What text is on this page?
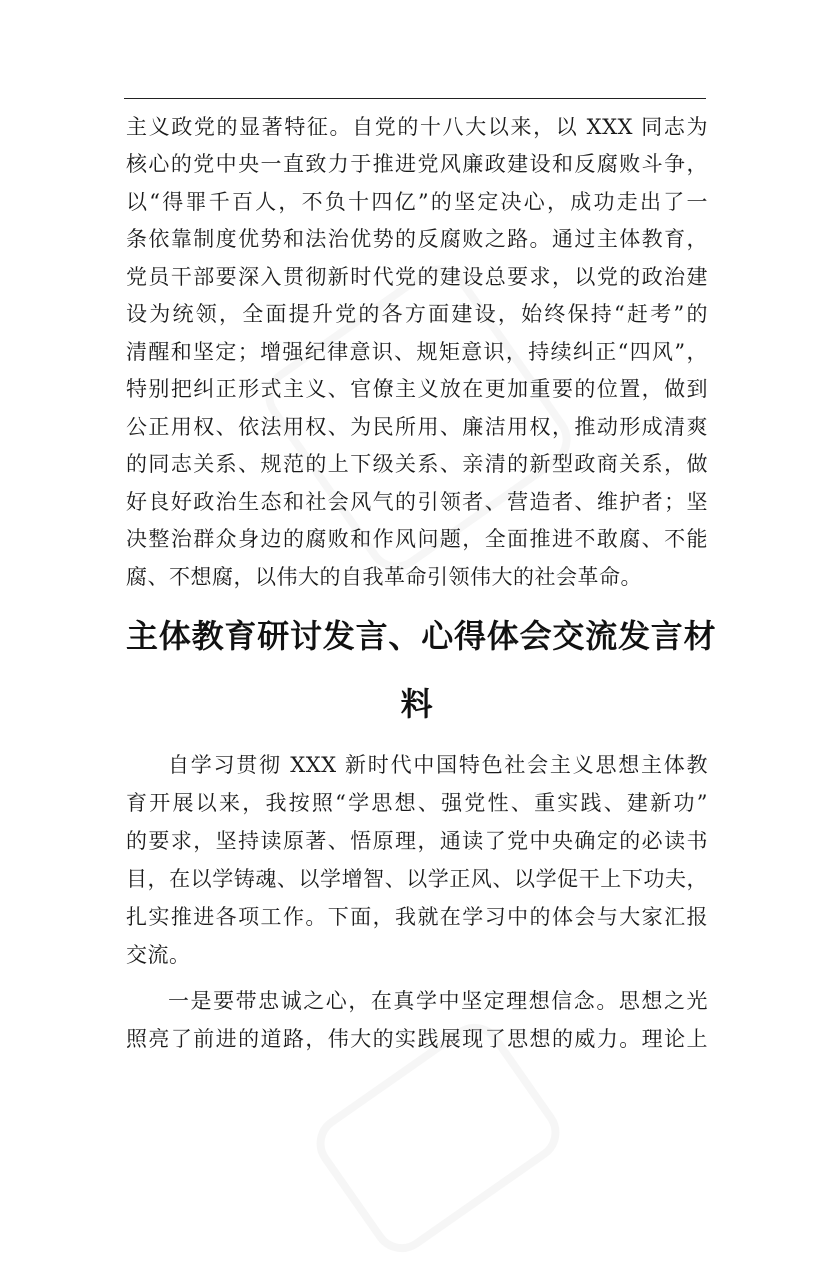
主义政党的显著特征。自党的十八大以来，以 XXX 同志为
核心的党中央一直致力于推进党风廉政建设和反腐败斗争，
以“得罪千百人，不负十四亿”的坚定决心，成功走出了一
条依靠制度优势和法治优势的反腐败之路。通过主体教育，
党员干部要深入贯彻新时代党的建设总要求，以党的政治建
设为统领，全面提升党的各方面建设，始终保持“赶考”的
清醒和坚定；增强纪律意识、规矩意识，持续纠正“四风”，
特别把纠正形式主义、官僚主义放在更加重要的位置，做到
公正用权、依法用权、为民所用、廉洁用权，推动形成清爽
的同志关系、规范的上下级关系、亲清的新型政商关系，做
好良好政治生态和社会风气的引领者、营造者、维护者；坚
决整治群众身边的腐败和作风问题，全面推进不敢腐、不能
腐、不想腐，以伟大的自我革命引领伟大的社会革命。
主体教育研讨发言、心得体会交流发言材
料
自学习贯彻 XXX 新时代中国特色社会主义思想主体教
育开展以来，我按照“学思想、强党性、重实践、建新功”
的要求，坚持读原著、悟原理，通读了党中央确定的必读书
目，在以学铸魂、以学增智、以学正风、以学促干上下功夫，
扎实推进各项工作。下面，我就在学习中的体会与大家汇报
交流。
一是要带忠诚之心，在真学中坚定理想信念。思想之光
照亮了前进的道路，伟大的实践展现了思想的威力。理论上
